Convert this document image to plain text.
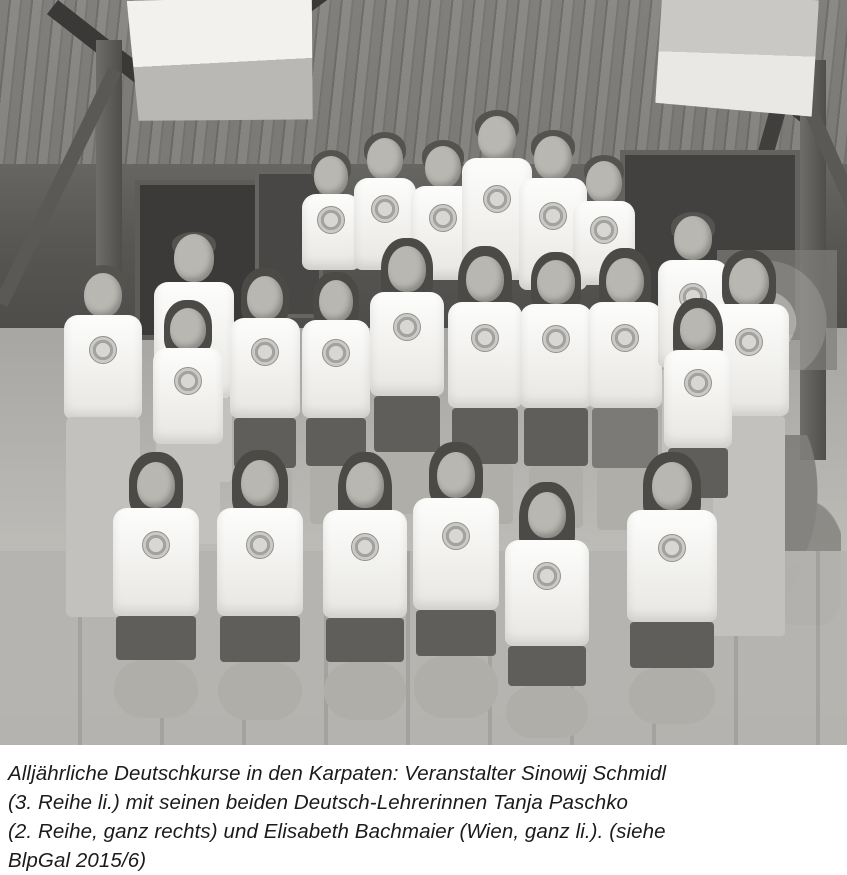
Alljährliche Deutschkurse in den Karpaten: Veranstalter Sinowij Schmidl
(3. Reihe li.) mit seinen beiden Deutsch-Lehrerinnen Tanja Paschko
(2. Reihe, ganz rechts) und Elisabeth Bachmaier (Wien, ganz li.). (siehe
BlpGal 2015/6)
